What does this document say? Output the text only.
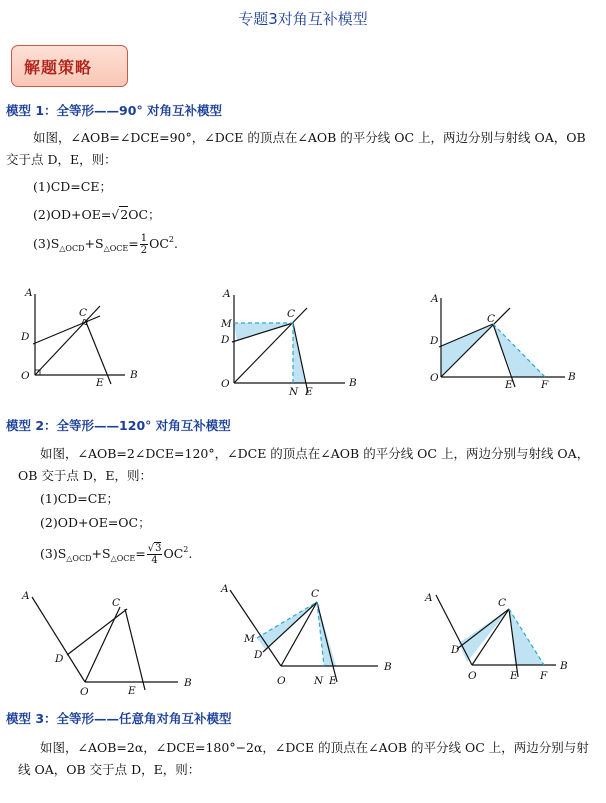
专题3对角互补模型
解题策略
模型 1：全等形——90° 对角互补模型
如图，∠AOB=∠DCE=90°，∠DCE 的顶点在∠AOB 的平分线 OC 上，两边分别与射线 OA，OB 交于点 D，E，则：
(1)CD=CE；
(2)OD+OE=√2OC；
$(3)S_{\triangle OCD}+S_{\triangle OCE}= \frac{1}{2} OC^2$.
A
B
C
D
E
O
A
B
C
D
E
M
N
O
A
B
C
D
E	F
O
模型 2：全等形——120° 对角互补模型
如图，∠AOB=2∠DCE=120°，∠DCE 的顶点在∠AOB 的平分线 OC 上，两边分别与射线 OA，OB 交于点 D，E，则：
(1)CD=CE；
(2)OD+OE=OC；
$(3)S_{\triangle OCD}+S_{\triangle OCE}= \frac{√3}{4} OC^2$.
A
B
C
D
E
O
A
B
C
D
E
M
N
O
A
B
C
D
E F
O
模型 3：全等形——任意角对角互补模型
如图，∠AOB=2α，∠DCE=180°−2α，∠DCE 的顶点在∠AOB 的平分线 OC 上，两边分别与射线 OA，OB 交于点 D，E，则：
